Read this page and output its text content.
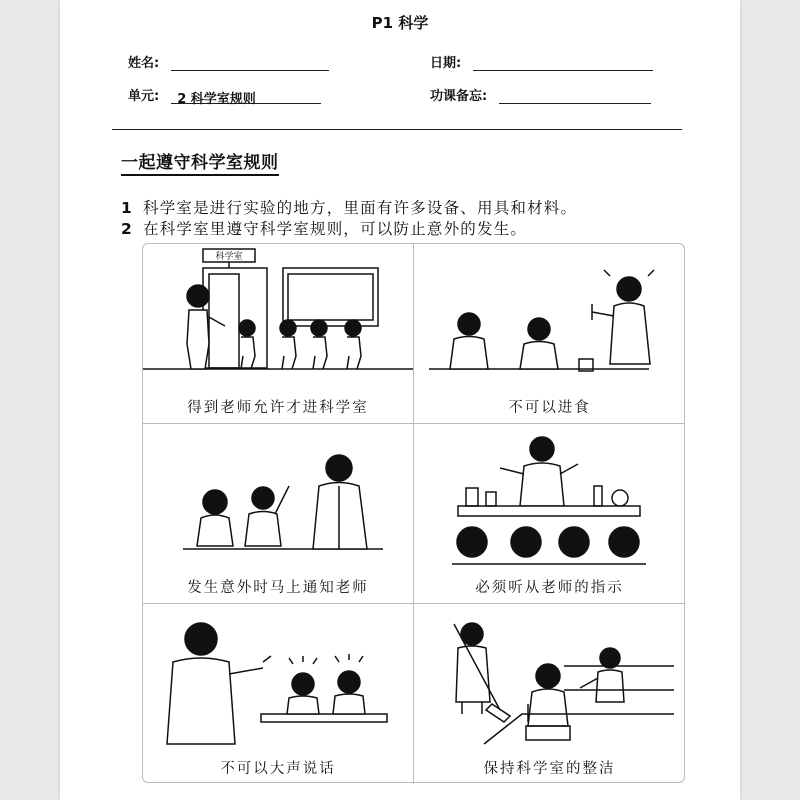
P1 科学
姓名:	日期:
单元:	2 科学室规则	功课备忘:
一起遵守科学室规则
1 科学室是进行实验的地方，里面有许多设备、用具和材料。
2 在科学室里遵守科学室规则，可以防止意外的发生。
科学室
得到老师允许才进科学室	不可以进食
发生意外时马上通知老师	必须听从老师的指示
不可以大声说话	保持科学室的整洁
